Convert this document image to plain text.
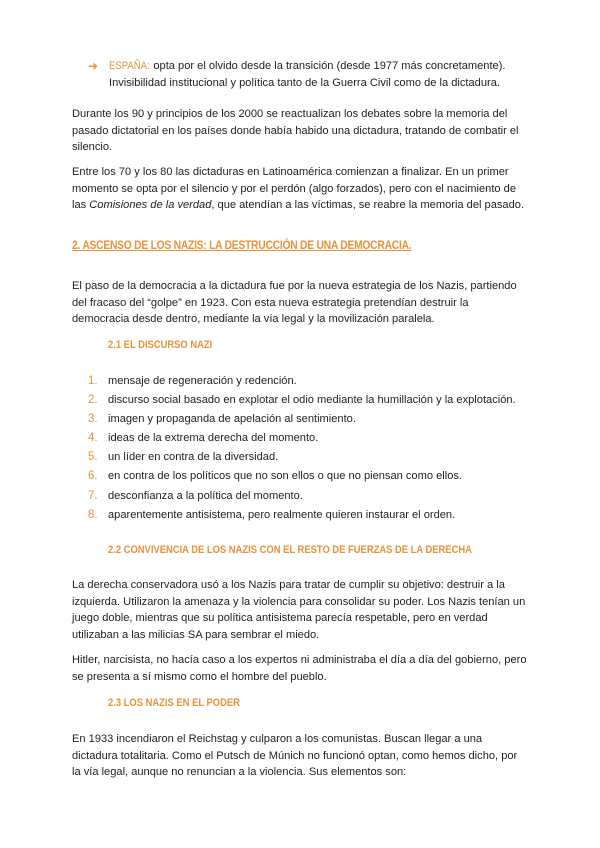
➜ ESPAÑA: opta por el olvido desde la transición (desde 1977 más concretamente).
Invisibilidad institucional y política tanto de la Guerra Civil como de la dictadura.

Durante los 90 y principios de los 2000 se reactualizan los debates sobre la memoria del pasado dictatorial en los países donde había habido una dictadura, tratando de combatir el silencio.

Entre los 70 y los 80 las dictaduras en Latinoamérica comienzan a finalizar. En un primer momento se opta por el silencio y por el perdón (algo forzados), pero con el nacimiento de las Comisiones de la verdad, que atendían a las víctimas, se reabre la memoria del pasado.

2. ASCENSO DE LOS NAZIS: LA DESTRUCCIÓN DE UNA DEMOCRACIA.

El paso de la democracia a la dictadura fue por la nueva estrategia de los Nazis, partiendo del fracaso del “golpe” en 1923. Con esta nueva estrategia pretendían destruir la democracia desde dentro, mediante la vía legal y la movilización paralela.

2.1 EL DISCURSO NAZI
1. mensaje de regeneración y redención.
2. discurso social basado en explotar el odio mediante la humillación y la explotación.
3. imagen y propaganda de apelación al sentimiento.
4. ideas de la extrema derecha del momento.
5. un líder en contra de la diversidad.
6. en contra de los políticos que no son ellos o que no piensan como ellos.
7. desconfianza a la política del momento.
8. aparentemente antisistema, pero realmente quieren instaurar el orden.
2.2 CONVIVENCIA DE LOS NAZIS CON EL RESTO DE FUERZAS DE LA DERECHA

La derecha conservadora usó a los Nazis para tratar de cumplir su objetivo: destruir a la izquierda. Utilizaron la amenaza y la violencia para consolidar su poder. Los Nazis tenían un juego doble, mientras que su política antisistema parecía respetable, pero en verdad utilizaban a las milicias SA para sembrar el miedo.

Hitler, narcisista, no hacía caso a los expertos ni administraba el día a día del gobierno, pero se presenta a sí mismo como el hombre del pueblo.

2.3 LOS NAZIS EN EL PODER

En 1933 incendiaron el Reichstag y culparon a los comunistas. Buscan llegar a una dictadura totalitaria. Como el Putsch de Múnich no funcionó optan, como hemos dicho, por la vía legal, aunque no renuncian a la violencia. Sus elementos son:
